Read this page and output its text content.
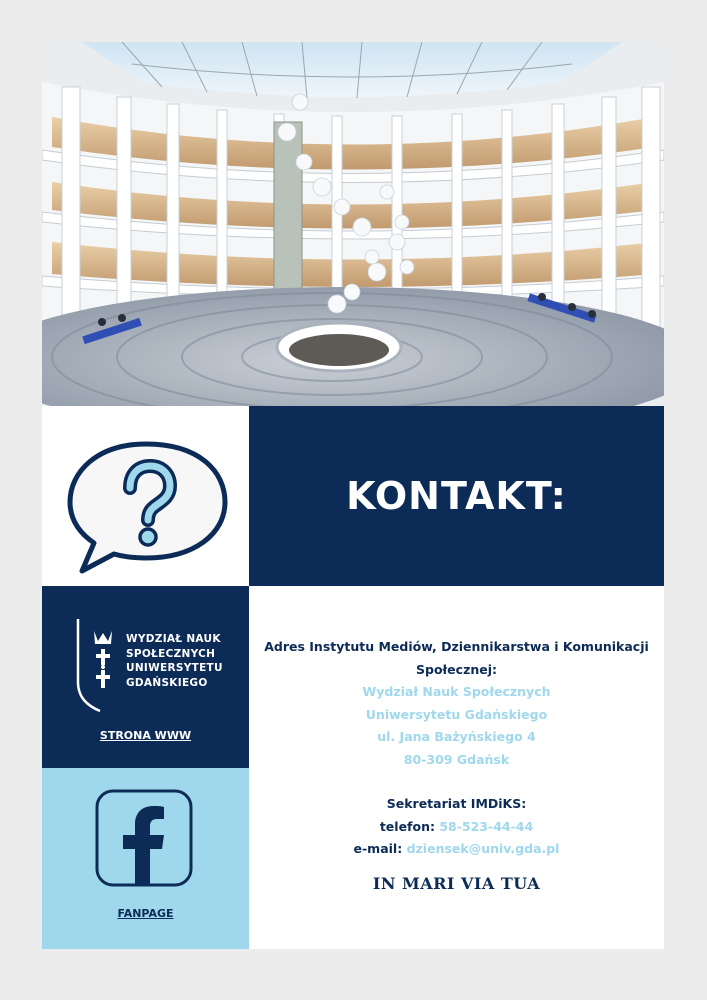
KONTAKT:
WYDZIAŁ NAUK
SPOŁECZNYCH
UNIWERSYTETU
GDAŃSKIEGO
STRONA WWW
FANPAGE
Adres Instytutu Mediów, Dziennikarstwa i Komunikacji
Społecznej:
Wydział Nauk Społecznych
Uniwersytetu Gdańskiego
ul. Jana Bażyńskiego 4
80-309 Gdańsk
Sekretariat IMDiKS:
telefon: 58-523-44-44
e-mail: dziensek@univ.gda.pl
IN MARI VIA TUA
